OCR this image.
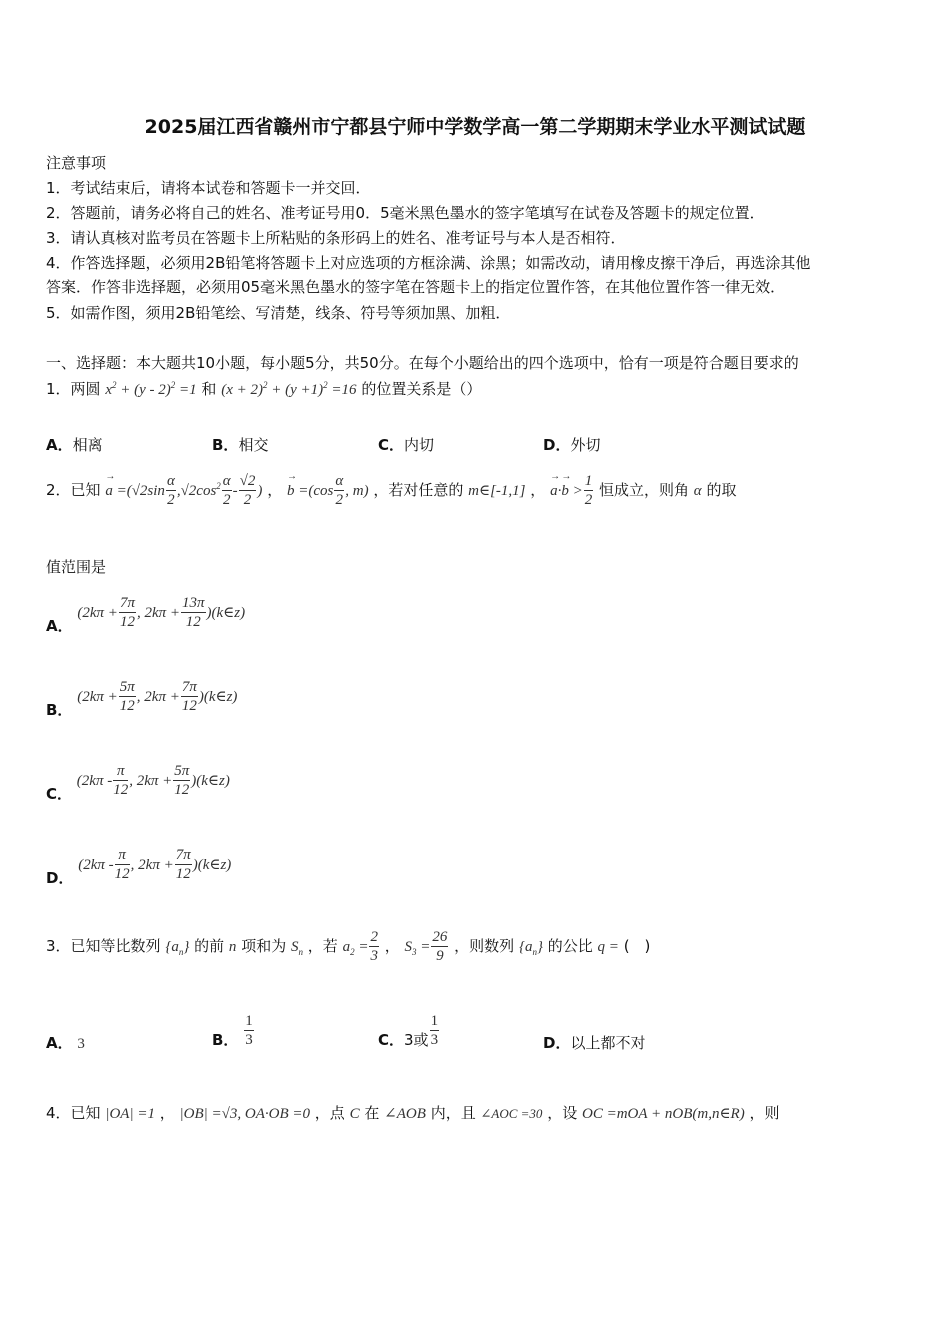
2025届江西省赣州市宁都县宁师中学数学高一第二学期期末学业水平测试试题
注意事项
1．考试结束后，请将本试卷和答题卡一并交回．
2．答题前，请务必将自己的姓名、准考证号用0．5毫米黑色墨水的签字笔填写在试卷及答题卡的规定位置．
3．请认真核对监考员在答题卡上所粘贴的条形码上的姓名、准考证号与本人是否相符．
4．作答选择题，必须用2B铅笔将答题卡上对应选项的方框涂满、涂黑；如需改动，请用橡皮擦干净后，再选涂其他
答案．作答非选择题，必须用05毫米黑色墨水的签字笔在答题卡上的指定位置作答，在其他位置作答一律无效．
5．如需作图，须用2B铅笔绘、写清楚，线条、符号等须加黑、加粗．
一、选择题：本大题共10小题，每小题5分，共50分。在每个小题给出的四个选项中，恰有一项是符合题目要求的
1．两圆 $x^2 + (y - 2)^2 =1$ 和 $(x + 2)^2 + (y +1)^2 =16$ 的位置关系是（）
A．相离	B．相交	C．内切	D．外切
2．已知 → $a =(√2\sin \frac{\alpha}{2} ,√2\cos^2 \frac{\alpha}{2} - \frac{√2}{2}$ ) ， → $b =(\cos \frac{\alpha}{2}$ , m) ，若对任意的 m∈[-1,1] ， → $a\cdot\to b > \frac{1}{2}$ 恒成立，则角 α 的取
值范围是
A． ($2k\pi + \frac{7\pi}{12}$ , $2k\pi + \frac{13\pi}{12}$ )(k∈z)
B． ($2k\pi + \frac{5\pi}{12}$ , $2k\pi + \frac{7\pi}{12}$ )(k∈z)
C． ($2k\pi - \frac{\pi}{12}$ , $2k\pi + \frac{5\pi}{12}$ )(k∈z)
D． ($2k\pi - \frac{\pi}{12}$ , $2k\pi + \frac{7\pi}{12}$ )(k∈z)
3．已知等比数列 $\{a_n\}$ 的前 n 项和为 $S_n$ ，若 $a_2 = \frac{2}{3}$ ， $S_3 = \frac{26}{9}$ ，则数列 $\{a_n\}$ 的公比 q = (　)
A． 3	B． $\frac{1}{3}$	C．3或 $\frac{1}{3}$	D．以上都不对
4．已知 |OA| =1 ， |OB| =√3, OA·OB =0 ，点 C 在 ∠AOB 内，且 ∠AOC =30 ，设 OC =mOA + nOB(m,n∈R) ，则
